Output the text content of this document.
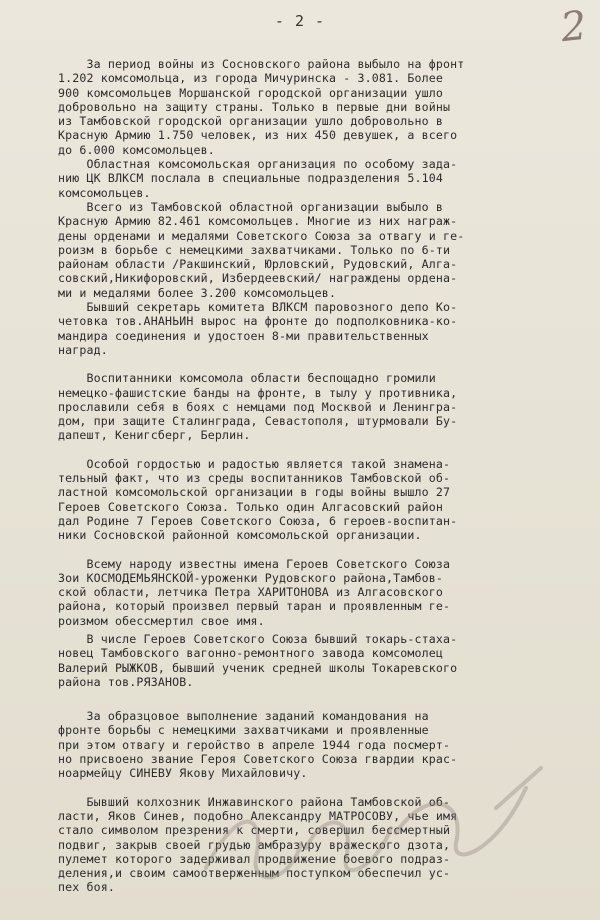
- 2 -	2

За период войны из Сосновского района выбыло на фронт
1.202 комсомольца, из города Мичуринска - 3.081. Более
900 комсомольцев Моршанской городской организации ушло
добровольно на защиту страны. Только в первые дни войны
из Тамбовской городской организации ушло добровольно в
Красную Армию 1.750 человек, из них 450 девушек, а всего
до 6.000 комсомольцев.

Областная комсомольская организация по особому зада-
нию ЦК ВЛКСМ послала в специальные подразделения 5.104
комсомольцев.

Всего из Тамбовской областной организации выбыло в
Красную Армию 82.461 комсомольцев. Многие из них награж-
дены орденами и медалями Советского Союза за отвагу и ге-
роизм в борьбе с немецкими захватчиками. Только по 6-ти
районам области /Ракшинский, Юрловский, Рудовский, Алга-
совский,Никифоровский, Избердеевский/ награждены ордена-
ми и медалями более 3.200 комсомольцев.

Бывший секретарь комитета ВЛКСМ паровозного депо Ко-
четовка тов.АНАНЬИН вырос на фронте до подполковника-ко-
мандира соединения и удостоен 8-ми правительственных
наград.

Воспитанники комсомола области беспощадно громили
немецко-фашистские банды на фронте, в тылу у противника,
прославили себя в боях с немцами под Москвой и Ленингра-
дом, при защите Сталинграда, Севастополя, штурмовали Бу-
дапешт, Кенигсберг, Берлин.

Особой гордостью и радостью является такой знамена-
тельный факт, что из среды воспитанников Тамбовской об-
ластной комсомольской организации в годы войны вышло 27
Героев Советского Союза. Только один Алгасовский район
дал Родине 7 Героев Советского Союза, 6 героев-воспитан-
ники Сосновской районной комсомольской организации.

Всему народу известны имена Героев Советского Союза
Зои КОСМОДЕМЬЯНСКОЙ-уроженки Рудовского района,Тамбов-
ской области, летчика Петра ХАРИТОНОВА из Алгасовского
района, который произвел первый таран и проявленным ге-
роизмом обессмертил свое имя.

В числе Героев Советского Союза бывший токарь-стаха-
новец Тамбовского вагонно-ремонтного завода комсомолец
Валерий РЫЖКОВ, бывший ученик средней школы Токаревского
района тов.РЯЗАНОВ.

За образцовое выполнение заданий командования на
фронте борьбы с немецкими захватчиками и проявленные
при этом отвагу и геройство в апреле 1944 года посмерт-
но присвоено звание Героя Советского Союза гвардии крас-
ноармейцу СИНЕВУ Якову Михайловичу.

Бывший колхозник Инжавинского района Тамбовской об-
ласти, Яков Синев, подобно Александру МАТРОСОВУ, чье имя
стало символом презрения к смерти, совершил бессмертный
подвиг, закрыв своей грудью амбразуру вражеского дзота,
пулемет которого задерживал продвижение боевого подраз-
деления,и своим самоотверженным поступком обеспечил ус-
пех боя.
